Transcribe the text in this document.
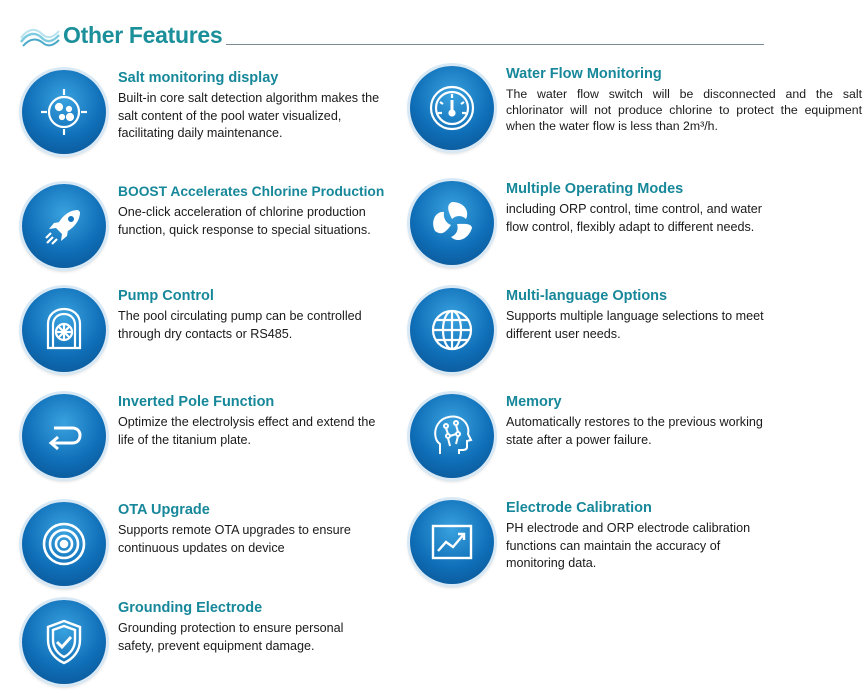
Other Features
Salt monitoring display
Built-in core salt detection algorithm makes the salt content of the pool water visualized, facilitating daily maintenance.
Water Flow Monitoring
The water flow switch will be disconnected and the salt chlorinator will not produce chlorine to protect the equipment when the water flow is less than 2m³/h.
BOOST Accelerates Chlorine Production
One-click acceleration of chlorine production function, quick response to special situations.
Multiple Operating Modes
including ORP control, time control, and water flow control, flexibly adapt to different needs.
Pump Control
The pool circulating pump can be controlled through dry contacts or RS485.
Multi-language Options
Supports multiple language selections to meet different user needs.
Inverted Pole Function
Optimize the electrolysis effect and extend the life of the titanium plate.
Memory
Automatically restores to the previous working state after a power failure.
OTA Upgrade
Supports remote OTA upgrades to ensure continuous updates on device
Electrode Calibration
PH electrode and ORP electrode calibration functions can maintain the accuracy of monitoring data.
Grounding Electrode
Grounding protection to ensure personal safety, prevent equipment damage.
